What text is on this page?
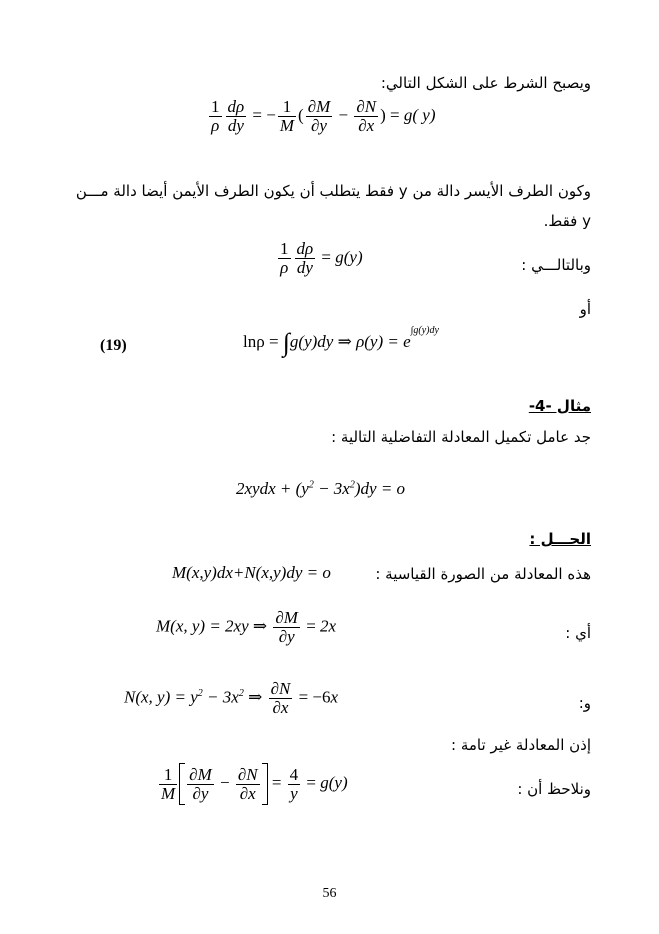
ويصبح الشرط على الشكل التالي:
$\frac{1}{\rho} \frac{d\rho}{dy}$ = − $\frac{1}{M}$ ( $\frac{\partial M}{\partial y} - \frac{\partial N}{\partial x}$ ) = g( y)
وكون الطرف الأيسر دالة من y فقط يتطلب أن يكون الطرف الأيمن أيضا دالة مـــن
y فقط.
وبالتالـــي :
$\frac{1}{\rho} \frac{d\rho}{dy} = g(y)$
أو
(19)	lnρ = ∫g(y)dy ⇒ $\rho(y) = e^{\int g(y)dy}$
مثال -4-
جد عامل تكميل المعادلة التفاضلية التالية :
2xydx + $(y^2 - 3x^2)dy = o$
الحـــل :
هذه المعادلة من الصورة القياسية :
M(x,y)dx+N(x,y)dy = o
أي :
M(x, y) = 2xy ⇒ $\frac{\partial M}{\partial y} = 2x$
و:
N(x, $y) = y^2 - 3x^2$ ⇒ $\frac{\partial N}{\partial x} = -6x$
إذن المعادلة غير تامة :
ونلاحظ أن :
$\frac{1}{M} \frac{\partial M}{\partial y} - \frac{\partial N}{\partial x} = \frac{4}{y} = g(y)$
56
